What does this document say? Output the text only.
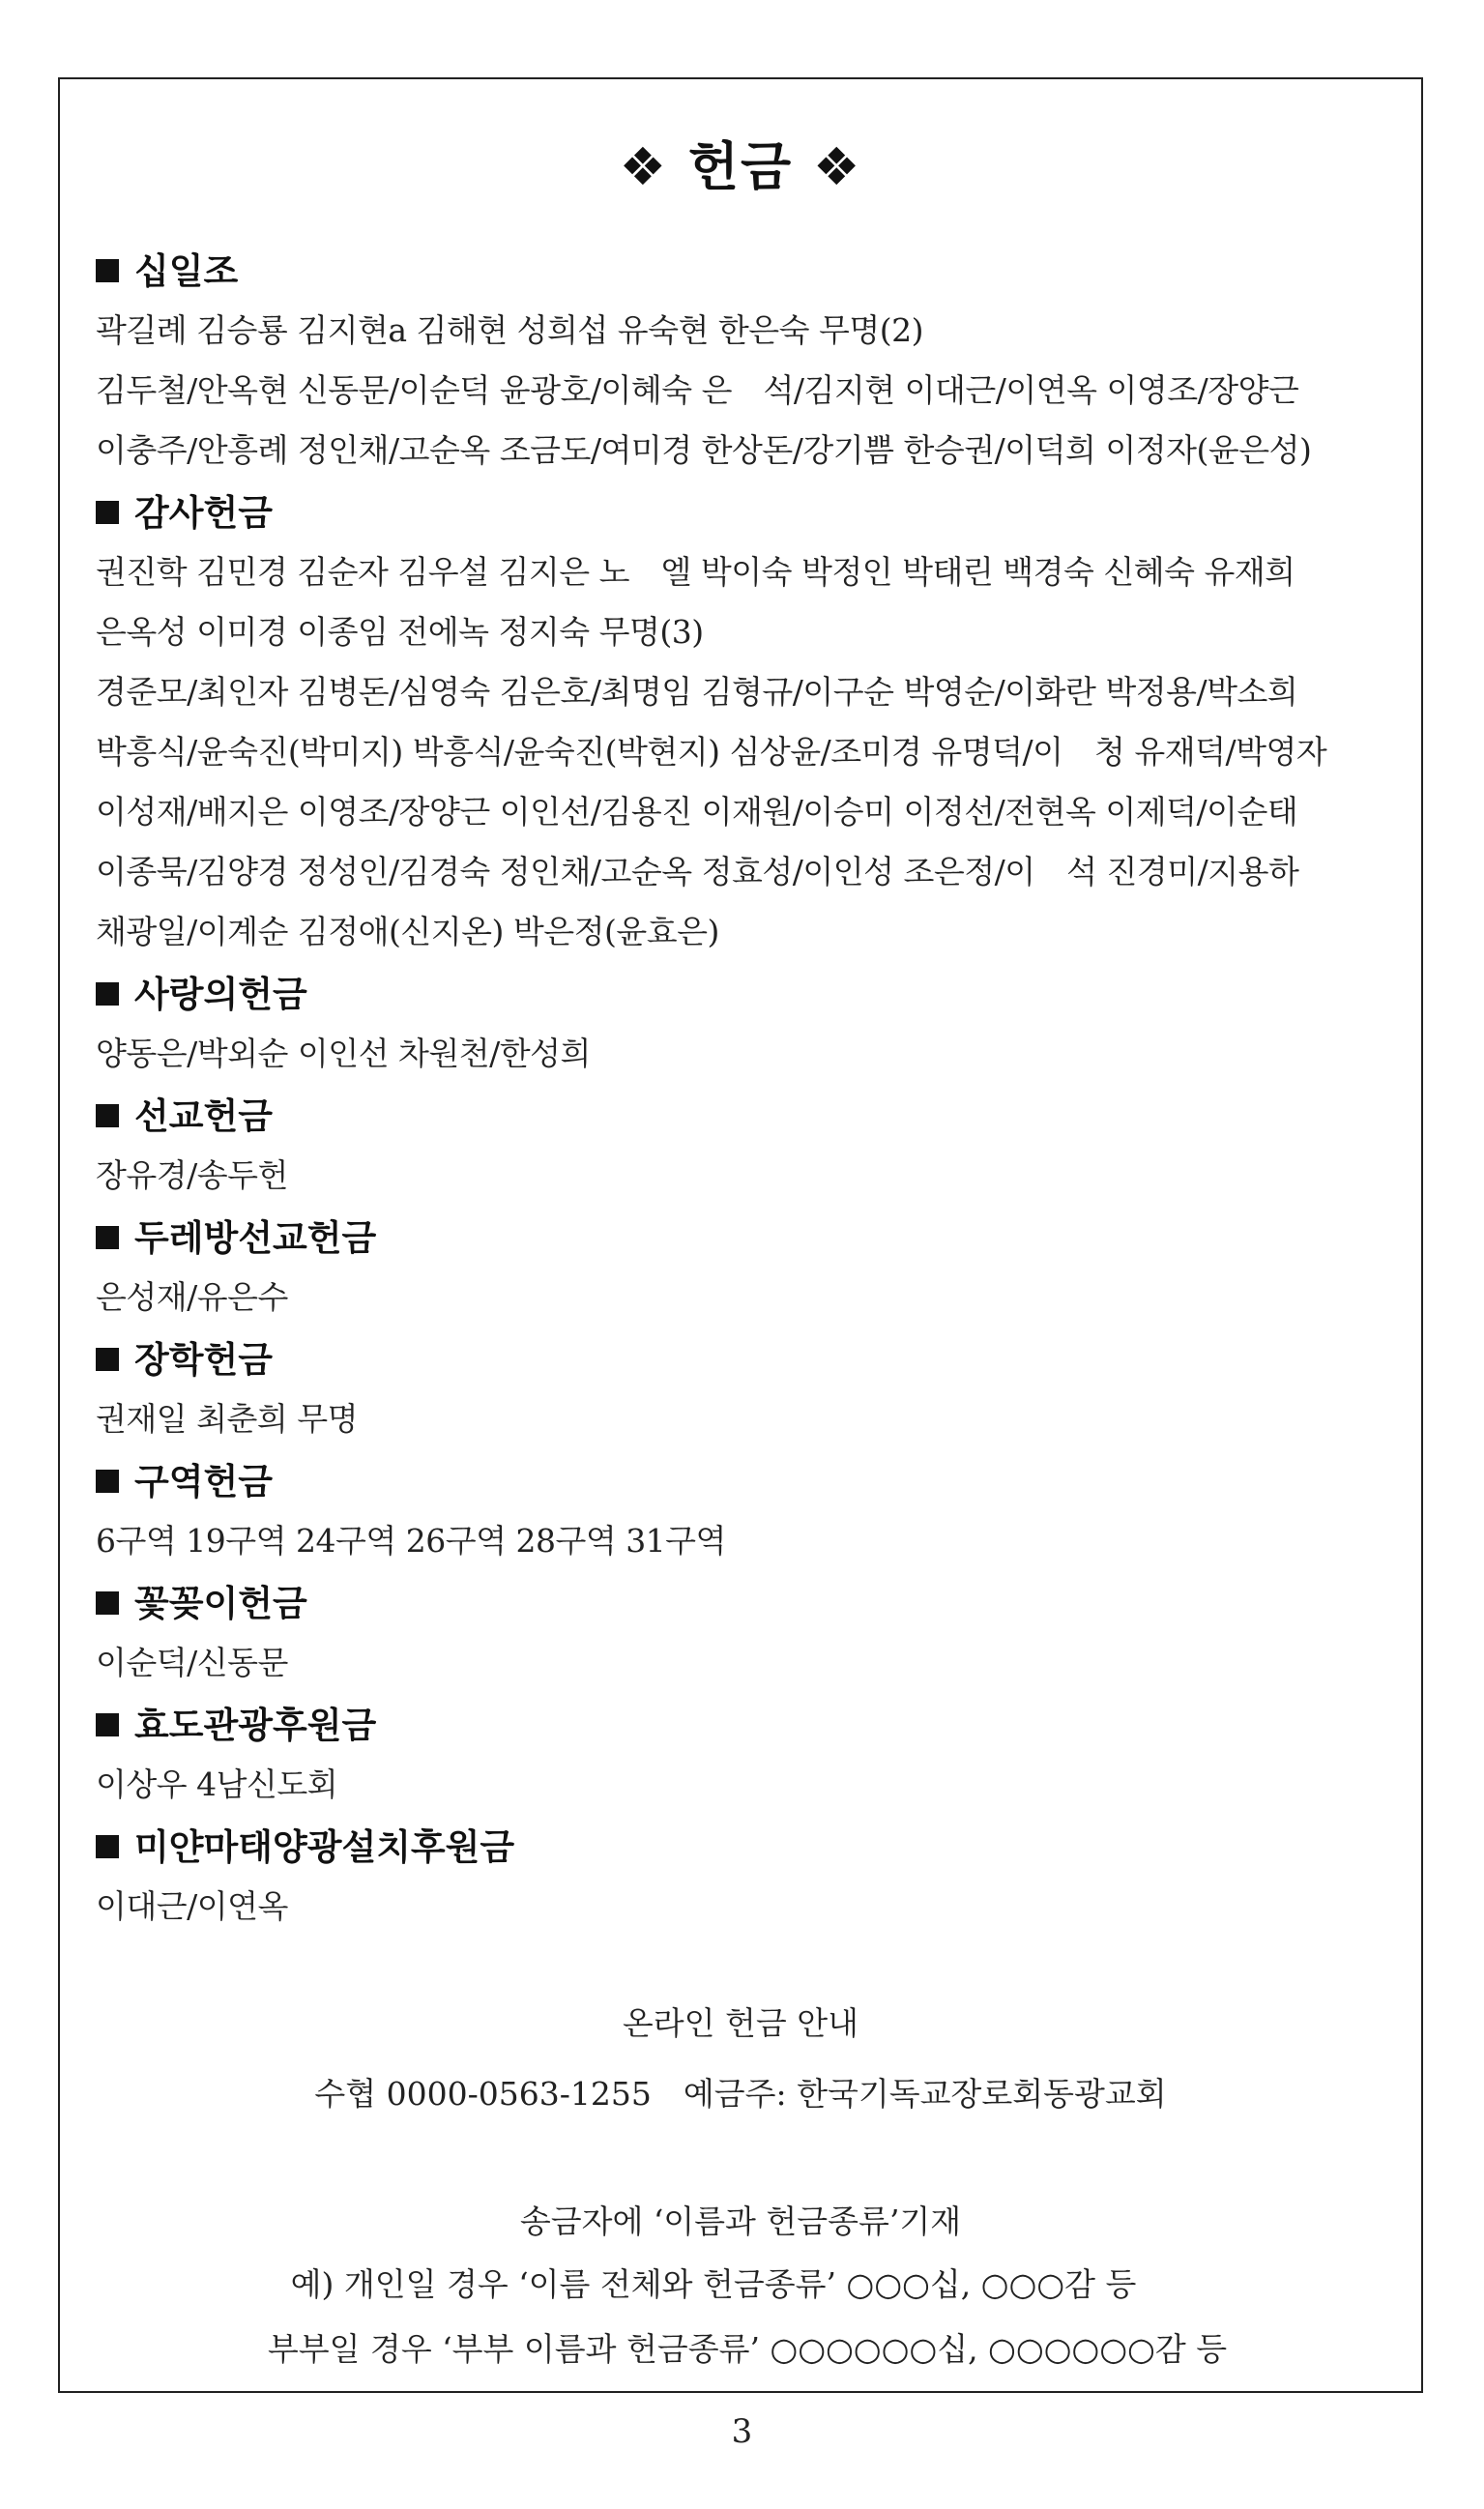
❖ 헌금 ❖
십일조
곽길례 김승룡 김지현a 김해현 성희섭 유숙현 한은숙 무명(2)
김두철/안옥현 신동문/이순덕 윤광호/이혜숙 은　석/김지현 이대근/이연옥 이영조/장양근
이충주/안흥례 정인채/고순옥 조금도/여미경 한상돈/강기쁨 한승권/이덕희 이정자(윤은성)
감사헌금
권진학 김민경 김순자 김우설 김지은 노　엘 박이숙 박정인 박태린 백경숙 신혜숙 유재희
은옥성 이미경 이종임 전에녹 정지숙 무명(3)
경준모/최인자 김병돈/심영숙 김은호/최명임 김형규/이구순 박영순/이화란 박정용/박소희
박흥식/윤숙진(박미지) 박흥식/윤숙진(박현지) 심상윤/조미경 유명덕/이　청 유재덕/박영자
이성재/배지은 이영조/장양근 이인선/김용진 이재원/이승미 이정선/전현옥 이제덕/이순태
이종묵/김양경 정성인/김경숙 정인채/고순옥 정효성/이인성 조은정/이　석 진경미/지용하
채광일/이계순 김정애(신지온) 박은정(윤효은)
사랑의헌금
양동은/박외순 이인선 차원천/한성희
선교헌금
장유경/송두헌
두레방선교헌금
은성재/유은수
장학헌금
권재일 최춘희 무명
구역헌금
6구역 19구역 24구역 26구역 28구역 31구역
꽃꽂이헌금
이순덕/신동문
효도관광후원금
이상우 4남신도회
미얀마태양광설치후원금
이대근/이연옥
온라인 헌금 안내
수협 0000-0563-1255　예금주: 한국기독교장로회동광교회
송금자에 ‘이름과 헌금종류’기재
예) 개인일 경우 ‘이름 전체와 헌금종류’ ○○○십, ○○○감 등
부부일 경우 ‘부부 이름과 헌금종류’ ○○○○○○십, ○○○○○○감 등
3
